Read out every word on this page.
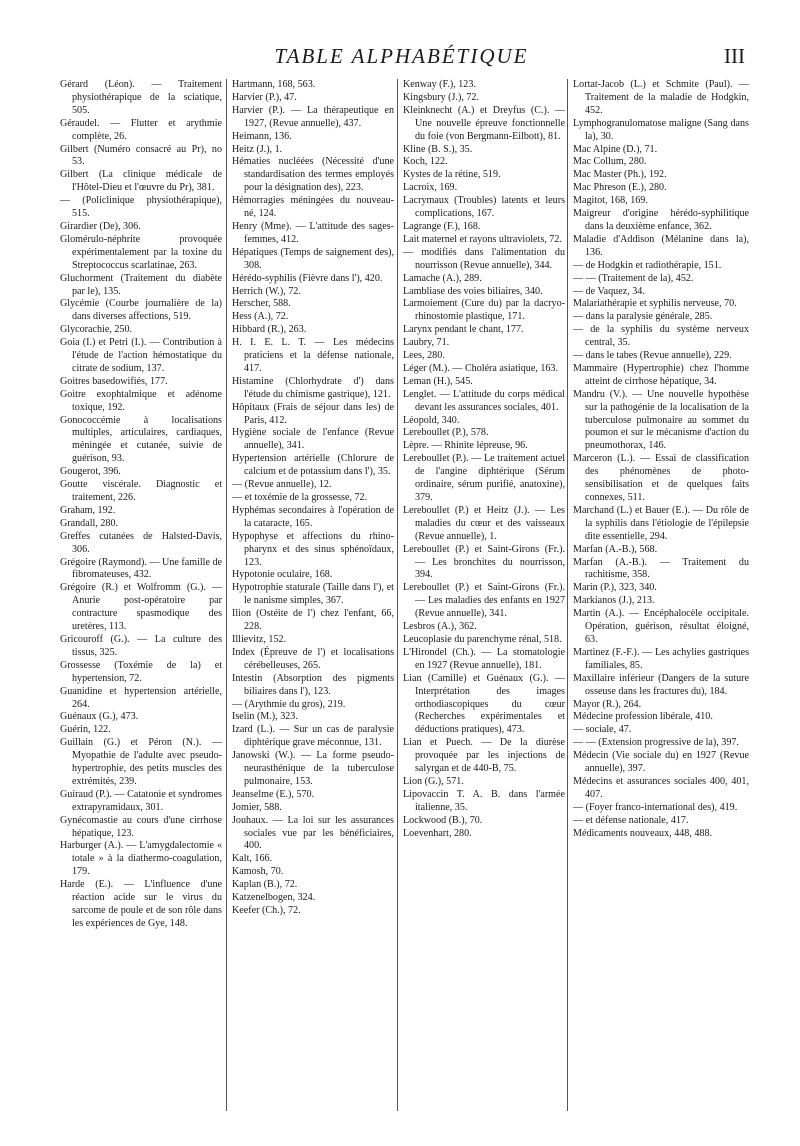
TABLE ALPHABÉTIQUE	III

Gérard (Léon). — Traitement physiothérapique de la sciatique, 505.

Géraudel. — Flutter et arythmie complète, 26.

Gilbert (Numéro consacré au Pr), no 53.

Gilbert (La clinique médicale de l'Hôtel-Dieu et l'œuvre du Pr), 381.

— (Policlinique physiothérapique), 515.

Girardier (De), 306.

Glomérulo-néphrite provoquée expérimentalement par la toxine du Streptococcus scarlatinae, 263.

Gluchorment (Traitement du diabète par le), 135.

Glycémie (Courbe journalière de la) dans diverses affections, 519.

Glycorachie, 250.

Goia (I.) et Petri (I.). — Contribution à l'étude de l'action hémostatique du citrate de sodium, 137.

Goitres basedowifiés, 177.

Goitre exophtalmique et adénome toxique, 192.

Gonococcémie à localisations multiples, articulaires, cardiaques, méningée et cutanée, suivie de guérison, 93.

Gougerot, 396.

Goutte viscérale. Diagnostic et traitement, 226.

Graham, 192.

Grandall, 280.

Greffes cutanées de Halsted-Davis, 306.

Grégoire (Raymond). — Une famille de fibromateuses, 432.

Grégoire (R.) et Wolfromm (G.). — Anurie post-opératoire par contracture spasmodique des uretères, 113.

Gricouroff (G.). — La culture des tissus, 325.

Grossesse (Toxémie de la) et hypertension, 72.

Guanidine et hypertension artérielle, 264.

Guénaux (G.), 473.

Guérin, 122.

Guillain (G.) et Péron (N.). — Myopathie de l'adulte avec pseudo-hypertrophie, des petits muscles des extrémités, 239.

Guiraud (P.). — Catatonie et syndromes extrapyramidaux, 301.

Gynécomastie au cours d'une cirrhose hépatique, 123.

Harburger (A.). — L'amygdalectomie « totale » à la diathermo-coagulation, 179.

Harde (E.). — L'influence d'une réaction acide sur le virus du sarcome de poule et de son rôle dans les expériences de Gye, 148.

Hartmann, 168, 563.

Harvier (P.), 47.

Harvier (P.). — La thérapeutique en 1927, (Revue annuelle), 437.

Heimann, 136.

Heitz (J.), 1.

Hématies nucléées (Nécessité d'une standardisation des termes employés pour la désignation des), 223.

Hémorragies méningées du nouveau-né, 124.

Henry (Mme). — L'attitude des sages-femmes, 412.

Hépatiques (Temps de saignement des), 308.

Hérédo-syphilis (Fièvre dans l'), 420.

Herrich (W.), 72.

Herscher, 588.

Hess (A.), 72.

Hibbard (R.), 263.

H. I. E. L. T. — Les médecins praticiens et la défense nationale, 417.

Histamine (Chlorhydrate d') dans l'étude du chimisme gastrique), 121.

Hôpitaux (Frais de séjour dans les) de Paris, 412.

Hygiène sociale de l'enfance (Revue annuelle), 341.

Hypertension artérielle (Chlorure de calcium et de potassium dans l'), 35.

— (Revue annuelle), 12.

— et toxémie de la grossesse, 72.

Hyphémas secondaires à l'opération de la cataracte, 165.

Hypophyse et affections du rhino-pharynx et des sinus sphénoïdaux, 123.

Hypotonie oculaire, 168.

Hypotrophie staturale (Taille dans l'), et le nanisme simples, 367.

Ilion (Ostéite de l') chez l'enfant, 66, 228.

Illievitz, 152.

Index (Épreuve de l') et localisations cérébelleuses, 265.

Intestin (Absorption des pigments biliaires dans l'), 123.

— (Arythmie du gros), 219.

Iselin (M.), 323.

Izard (L.). — Sur un cas de paralysie diphtérique grave méconnue, 131.

Janowski (W.). — La forme pseudo-neurasthénique de la tuberculose pulmonaire, 153.

Jeanselme (E.), 570.

Jomier, 588.

Jouhaux. — La loi sur les assurances sociales vue par les bénéficiaires, 400.

Kalt, 166.

Kamosh, 70.

Kaplan (B.), 72.

Katzenelbogen, 324.

Keefer (Ch.), 72.

Kenway (F.), 123.

Kingsbury (J.), 72.

Kleinknecht (A.) et Dreyfus (C.). — Une nouvelle épreuve fonctionnelle du foie (von Bergmann-Eilbott), 81.

Kline (B. S.), 35.

Koch, 122.

Kystes de la rétine, 519.

Lacroix, 169.

Lacrymaux (Troubles) latents et leurs complications, 167.

Lagrange (F.), 168.

Lait maternel et rayons ultraviolets, 72.

— modifiés dans l'alimentation du nourrisson (Revue annuelle), 344.

Lamache (A.), 289.

Lambliase des voies biliaires, 340.

Larmoiement (Cure du) par la dacryo-rhinostomie plastique, 171.

Larynx pendant le chant, 177.

Laubry, 71.

Lees, 280.

Léger (M.). — Choléra asiatique, 163.

Leman (H.), 545.

Lenglet. — L'attitude du corps médical devant les assurances sociales, 401.

Léopold, 340.

Lereboullet (P.), 578.

Lèpre. — Rhinite lépreuse, 96.

Lereboullet (P.). — Le traitement actuel de l'angine diphtérique (Sérum ordinaire, sérum purifié, anatoxine), 379.

Lereboullet (P.) et Heitz (J.). — Les maladies du cœur et des vaisseaux (Revue annuelle), 1.

Lereboullet (P.) et Saint-Girons (Fr.). — Les bronchites du nourrisson, 394.

Lereboullet (P.) et Saint-Girons (Fr.). — Les maladies des enfants en 1927 (Revue annuelle), 341.

Lesbros (A.), 362.

Leucoplasie du parenchyme rénal, 518.

L'Hirondel (Ch.). — La stomatologie en 1927 (Revue annuelle), 181.

Lian (Camille) et Guénaux (G.). — Interprétation des images orthodiascopiques du cœur (Recherches expérimentales et déductions pratiques), 473.

Lian et Puech. — De la diurèse provoquée par les injections de salyrgan et de 440-B, 75.

Lion (G.), 571.

Lipovaccin T. A. B. dans l'armée italienne, 35.

Lockwood (B.), 70.

Loevenhart, 280.

Lortat-Jacob (L.) et Schmite (Paul). — Traitement de la maladie de Hodgkin, 452.

Lymphogranulomatose maligne (Sang dans la), 30.

Mac Alpine (D.), 71.

Mac Collum, 280.

Mac Master (Ph.), 192.

Mac Phreson (E.), 280.

Magitot, 168, 169.

Maigreur d'origine hérédo-syphilitique dans la deuxième enfance, 362.

Maladie d'Addison (Mélanine dans la), 136.

— de Hodgkin et radiothérapie, 151.

— — (Traitement de la), 452.

— de Vaquez, 34.

Malariathérapie et syphilis nerveuse, 70.

— dans la paralysie générale, 285.

— de la syphilis du système nerveux central, 35.

— dans le tabes (Revue annuelle), 229.

Mammaire (Hypertrophie) chez l'homme atteint de cirrhose hépatique, 34.

Mandru (V.). — Une nouvelle hypothèse sur la pathogénie de la localisation de la tuberculose pulmonaire au sommet du poumon et sur le mécanisme d'action du pneumothorax, 146.

Marceron (L.). — Essai de classification des phénomènes de photo-sensibilisation et de quelques faits connexes, 511.

Marchand (L.) et Bauer (E.). — Du rôle de la syphilis dans l'étiologie de l'épilepsie dite essentielle, 294.

Marfan (A.-B.), 568.

Marfan (A.-B.). — Traitement du rachitisme, 358.

Marin (P.), 323, 340.

Markianos (J.), 213.

Martin (A.). — Encéphalocèle occipitale. Opération, guérison, résultat éloigné, 63.

Martinez (F.-F.). — Les achylies gastriques familiales, 85.

Maxillaire inférieur (Dangers de la suture osseuse dans les fractures du), 184.

Mayor (R.), 264.

Médecine profession libérale, 410.

— sociale, 47.

— — (Extension progressive de la), 397.

Médecin (Vie sociale du) en 1927 (Revue annuelle), 397.

Médecins et assurances sociales 400, 401, 407.

— (Foyer franco-international des), 419.

— et défense nationale, 417.

Médicaments nouveaux, 448, 488.
